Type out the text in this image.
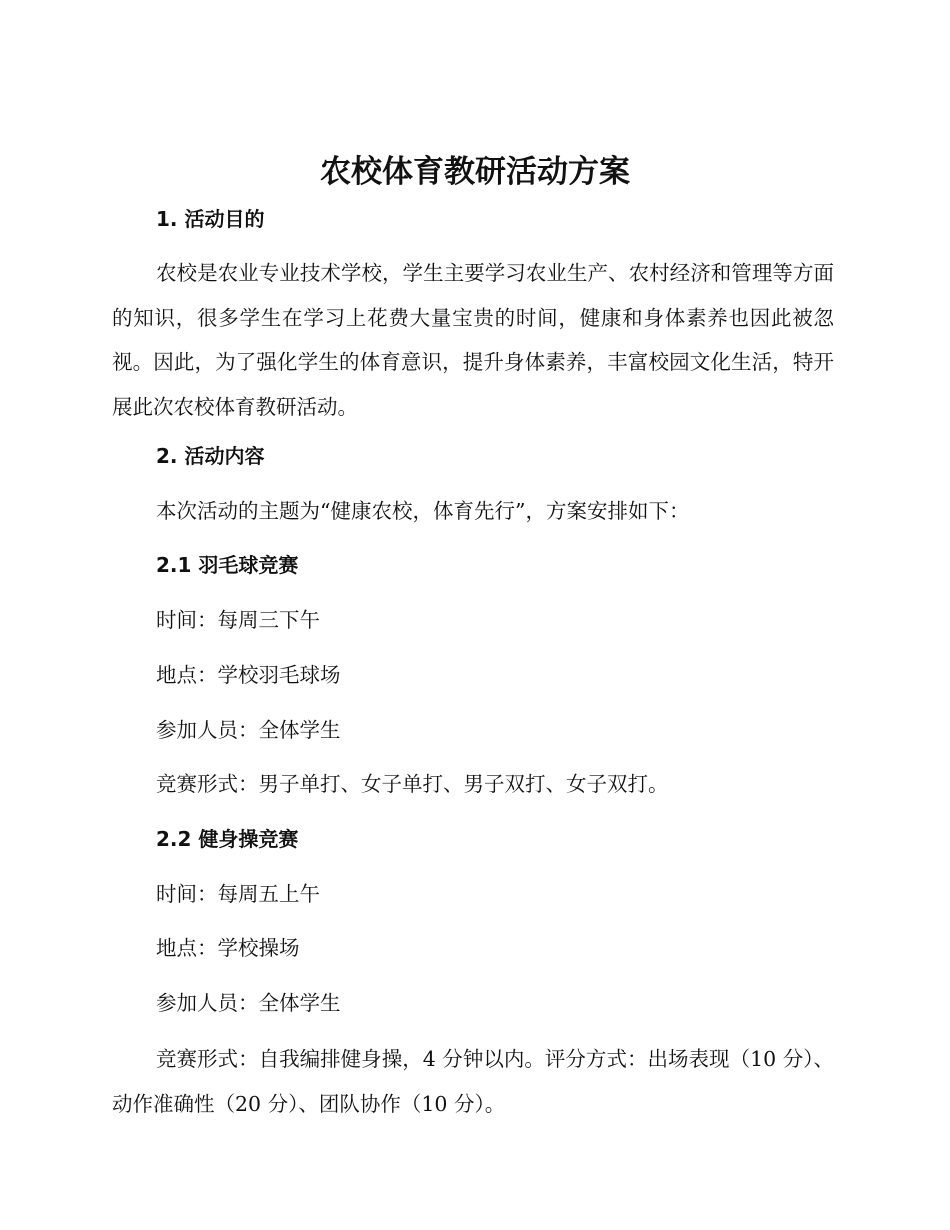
农校体育教研活动方案
1. 活动目的

农校是农业专业技术学校，学生主要学习农业生产、农村经济和管理等方面的知识，很多学生在学习上花费大量宝贵的时间，健康和身体素养也因此被忽视。因此，为了强化学生的体育意识，提升身体素养，丰富校园文化生活，特开展此次农校体育教研活动。

2. 活动内容

本次活动的主题为“健康农校，体育先行”，方案安排如下：

2.1 羽毛球竞赛

时间：每周三下午

地点：学校羽毛球场

参加人员：全体学生

竞赛形式：男子单打、女子单打、男子双打、女子双打。

2.2 健身操竞赛

时间：每周五上午

地点：学校操场

参加人员：全体学生

竞赛形式：自我编排健身操，4 分钟以内。评分方式：出场表现（10 分）、动作准确性（20 分）、团队协作（10 分）。
